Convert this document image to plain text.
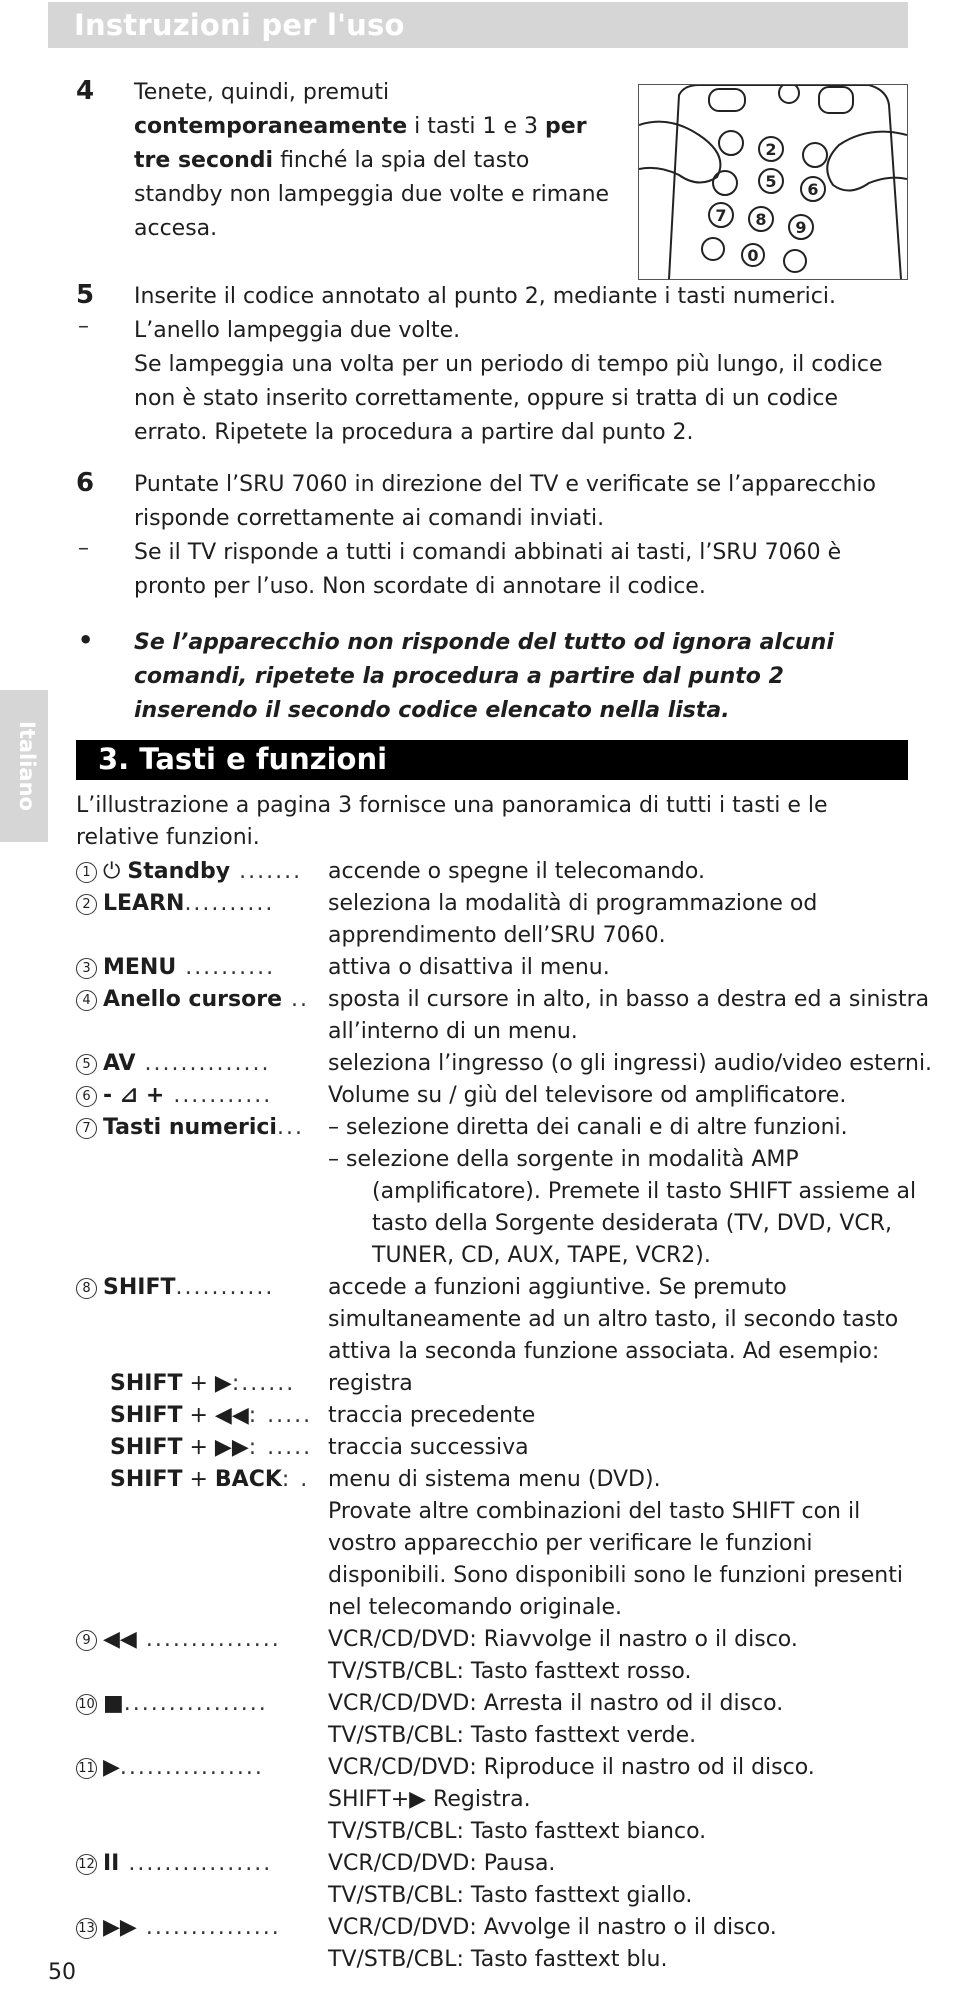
Instruzioni per l'uso
Italiano
4 Tenete, quindi, premuti
contemporaneamente i tasti 1 e 3 per tre secondi finché la spia del tasto standby non lampeggia due volte e rimane accesa.
2
5 6
7 8 9
0
5 Inserite il codice annotato al punto 2, mediante i tasti numerici.
– L’anello lampeggia due volte.
Se lampeggia una volta per un periodo di tempo più lungo, il codice non è stato inserito correttamente, oppure si tratta di un codice errato. Ripetete la procedura a partire dal punto 2.
6 Puntate l’SRU 7060 in direzione del TV e verificate se l’apparecchio risponde correttamente ai comandi inviati.
– Se il TV risponde a tutti i comandi abbinati ai tasti, l’SRU 7060 è pronto per l’uso. Non scordate di annotare il codice.
• Se l’apparecchio non risponde del tutto od ignora alcuni comandi, ripetete la procedura a partire dal punto 2 inserendo il secondo codice elencato nella lista.
3. Tasti e funzioni
L’illustrazione a pagina 3 fornisce una panoramica di tutti i tasti e le relative funzioni.
1 ⏻ Standby .......	accende o spegne il telecomando.
2 LEARN..........	seleziona la modalità di programmazione od
apprendimento dell’SRU 7060.
3 MENU ..........	attiva o disattiva il menu.
4 Anello cursore .. sposta il cursore in alto, in basso a destra ed a sinistra
all’interno di un menu.
5 AV ..............	seleziona l’ingresso (o gli ingressi) audio/video esterni.
6 - ⊿ + ...........	Volume su / giù del televisore od amplificatore.
7 Tasti numerici...	– selezione diretta dei canali e di altre funzioni.
– selezione della sorgente in modalità AMP
(amplificatore). Premete il tasto SHIFT assieme al
tasto della Sorgente desiderata (TV, DVD, VCR,
TUNER, CD, AUX, TAPE, VCR2).
8 SHIFT...........	accede a funzioni aggiuntive. Se premuto
simultaneamente ad un altro tasto, il secondo tasto
attiva la seconda funzione associata. Ad esempio:
SHIFT + ▶:......	registra
SHIFT + ◀◀: ..... traccia precedente
SHIFT + ▶▶: ..... traccia successiva
SHIFT + BACK: . menu di sistema menu (DVD).
Provate altre combinazioni del tasto SHIFT con il
vostro apparecchio per verificare le funzioni
disponibili. Sono disponibili sono le funzioni presenti
nel telecomando originale.
9 ◀◀ ...............	VCR/CD/DVD: Riavvolge il nastro o il disco.
TV/STB/CBL: Tasto fasttext rosso.
10 ■................	VCR/CD/DVD: Arresta il nastro od il disco.
TV/STB/CBL: Tasto fasttext verde.
11 ▶................	VCR/CD/DVD: Riproduce il nastro od il disco.
SHIFT+▶ Registra.
TV/STB/CBL: Tasto fasttext bianco.
12 II ................	VCR/CD/DVD: Pausa.
TV/STB/CBL: Tasto fasttext giallo.
13 ▶▶ ...............	VCR/CD/DVD: Avvolge il nastro o il disco.
TV/STB/CBL: Tasto fasttext blu.
50
